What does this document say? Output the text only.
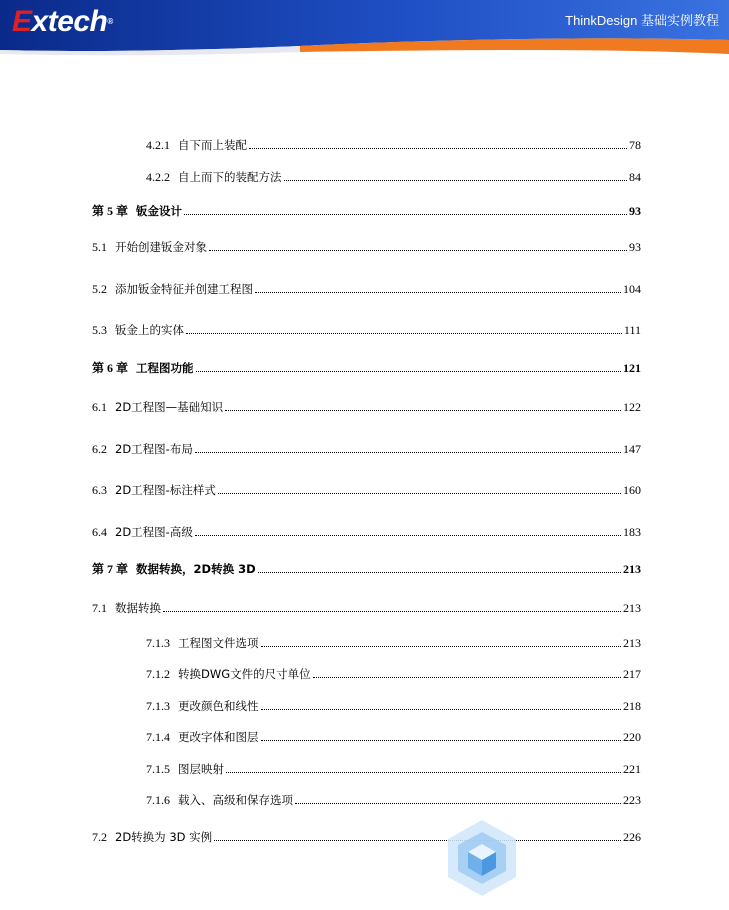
Extech®	ThinkDesign 基础实例教程
4.2.1 自下而上装配	78
4.2.2 自上而下的装配方法	84
第 5 章 钣金设计	93
5.1 开始创建钣金对象	93
5.2 添加钣金特征并创建工程图	104
5.3 钣金上的实体	111
第 6 章 工程图功能	121
6.1 2D工程图—基础知识	122
6.2 2D工程图-布局	147
6.3 2D工程图-标注样式	160
6.4 2D工程图-高级	183
第 7 章 数据转换，2D转换 3D	213
7.1 数据转换	213
7.1.3 工程图文件选项	213
7.1.2 转换DWG文件的尺寸单位	217
7.1.3 更改颜色和线性	218
7.1.4 更改字体和图层	220
7.1.5 图层映射	221
7.1.6 载入、高级和保存选项	223
7.2 2D转换为 3D 实例	226
